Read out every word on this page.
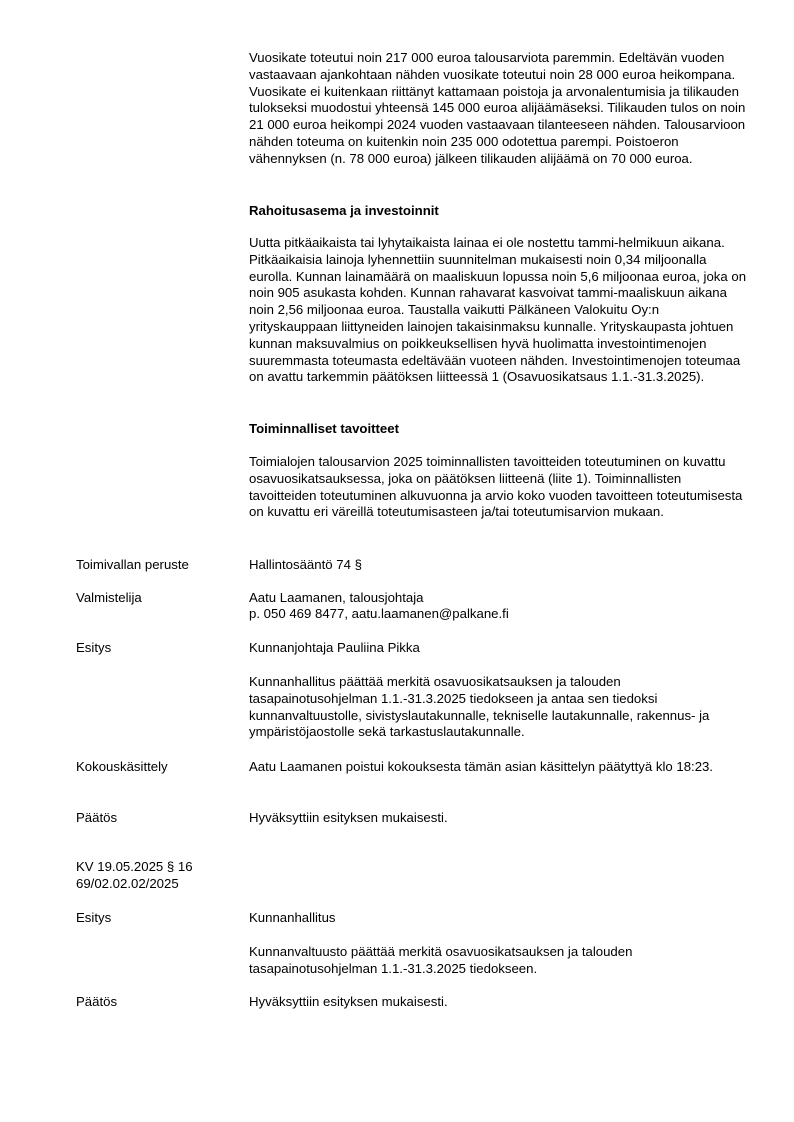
Vuosikate toteutui noin 217 000 euroa talousarviota paremmin. Edeltävän vuoden vastaavaan ajankohtaan nähden vuosikate toteutui noin 28 000 euroa heikompana. Vuosikate ei kuitenkaan riittänyt kattamaan poistoja ja arvonalentumisia ja tilikauden tulokseksi muodostui yhteensä 145 000 euroa alijäämäseksi. Tilikauden tulos on noin 21 000 euroa heikompi 2024 vuoden vastaavaan tilanteeseen nähden. Talousarvioon nähden toteuma on kuitenkin noin 235 000 odotettua parempi. Poistoeron vähennyksen (n. 78 000 euroa) jälkeen tilikauden alijäämä on 70 000 euroa.

Rahoitusasema ja investoinnit

Uutta pitkäaikaista tai lyhytaikaista lainaa ei ole nostettu tammi-helmikuun aikana. Pitkäaikaisia lainoja lyhennettiin suunnitelman mukaisesti noin 0,34 miljoonalla eurolla. Kunnan lainamäärä on maaliskuun lopussa noin 5,6 miljoonaa euroa, joka on noin 905 asukasta kohden. Kunnan rahavarat kasvoivat tammi-maaliskuun aikana noin 2,56 miljoonaa euroa. Taustalla vaikutti Pälkäneen Valokuitu Oy:n yrityskauppaan liittyneiden lainojen takaisinmaksu kunnalle. Yrityskaupasta johtuen kunnan maksuvalmius on poikkeuksellisen hyvä huolimatta investointimenojen suuremmasta toteumasta edeltävään vuoteen nähden. Investointimenojen toteumaa on avattu tarkemmin päätöksen liitteessä 1 (Osavuosikatsaus 1.1.-31.3.2025).

Toiminnalliset tavoitteet

Toimialojen talousarvion 2025 toiminnallisten tavoitteiden toteutuminen on kuvattu osavuosikatsauksessa, joka on päätöksen liitteenä (liite 1). Toiminnallisten tavoitteiden toteutuminen alkuvuonna ja arvio koko vuoden tavoitteen toteutumisesta on kuvattu eri väreillä toteutumisasteen ja/tai toteutumisarvion mukaan.

Toimivallan peruste	Hallintosääntö 74 §

Valmistelija	Aatu Laamanen, talousjohtaja

p. 050 469 8477, aatu.laamanen@palkane.fi

Esitys	Kunnanjohtaja Pauliina Pikka

Kunnanhallitus päättää merkitä osavuosikatsauksen ja talouden tasapainotusohjelman 1.1.-31.3.2025 tiedokseen ja antaa sen tiedoksi kunnanvaltuustolle, sivistyslautakunnalle, tekniselle lautakunnalle, rakennus- ja ympäristöjaostolle sekä tarkastuslautakunnalle.

Kokouskäsittely	Aatu Laamanen poistui kokouksesta tämän asian käsittelyn päätyttyä klo 18:23.

Päätös	Hyväksyttiin esityksen mukaisesti.

KV 19.05.2025 § 16

69/02.02.02/2025

Esitys	Kunnanhallitus

Kunnanvaltuusto päättää merkitä osavuosikatsauksen ja talouden tasapainotusohjelman 1.1.-31.3.2025 tiedokseen.

Päätös	Hyväksyttiin esityksen mukaisesti.
